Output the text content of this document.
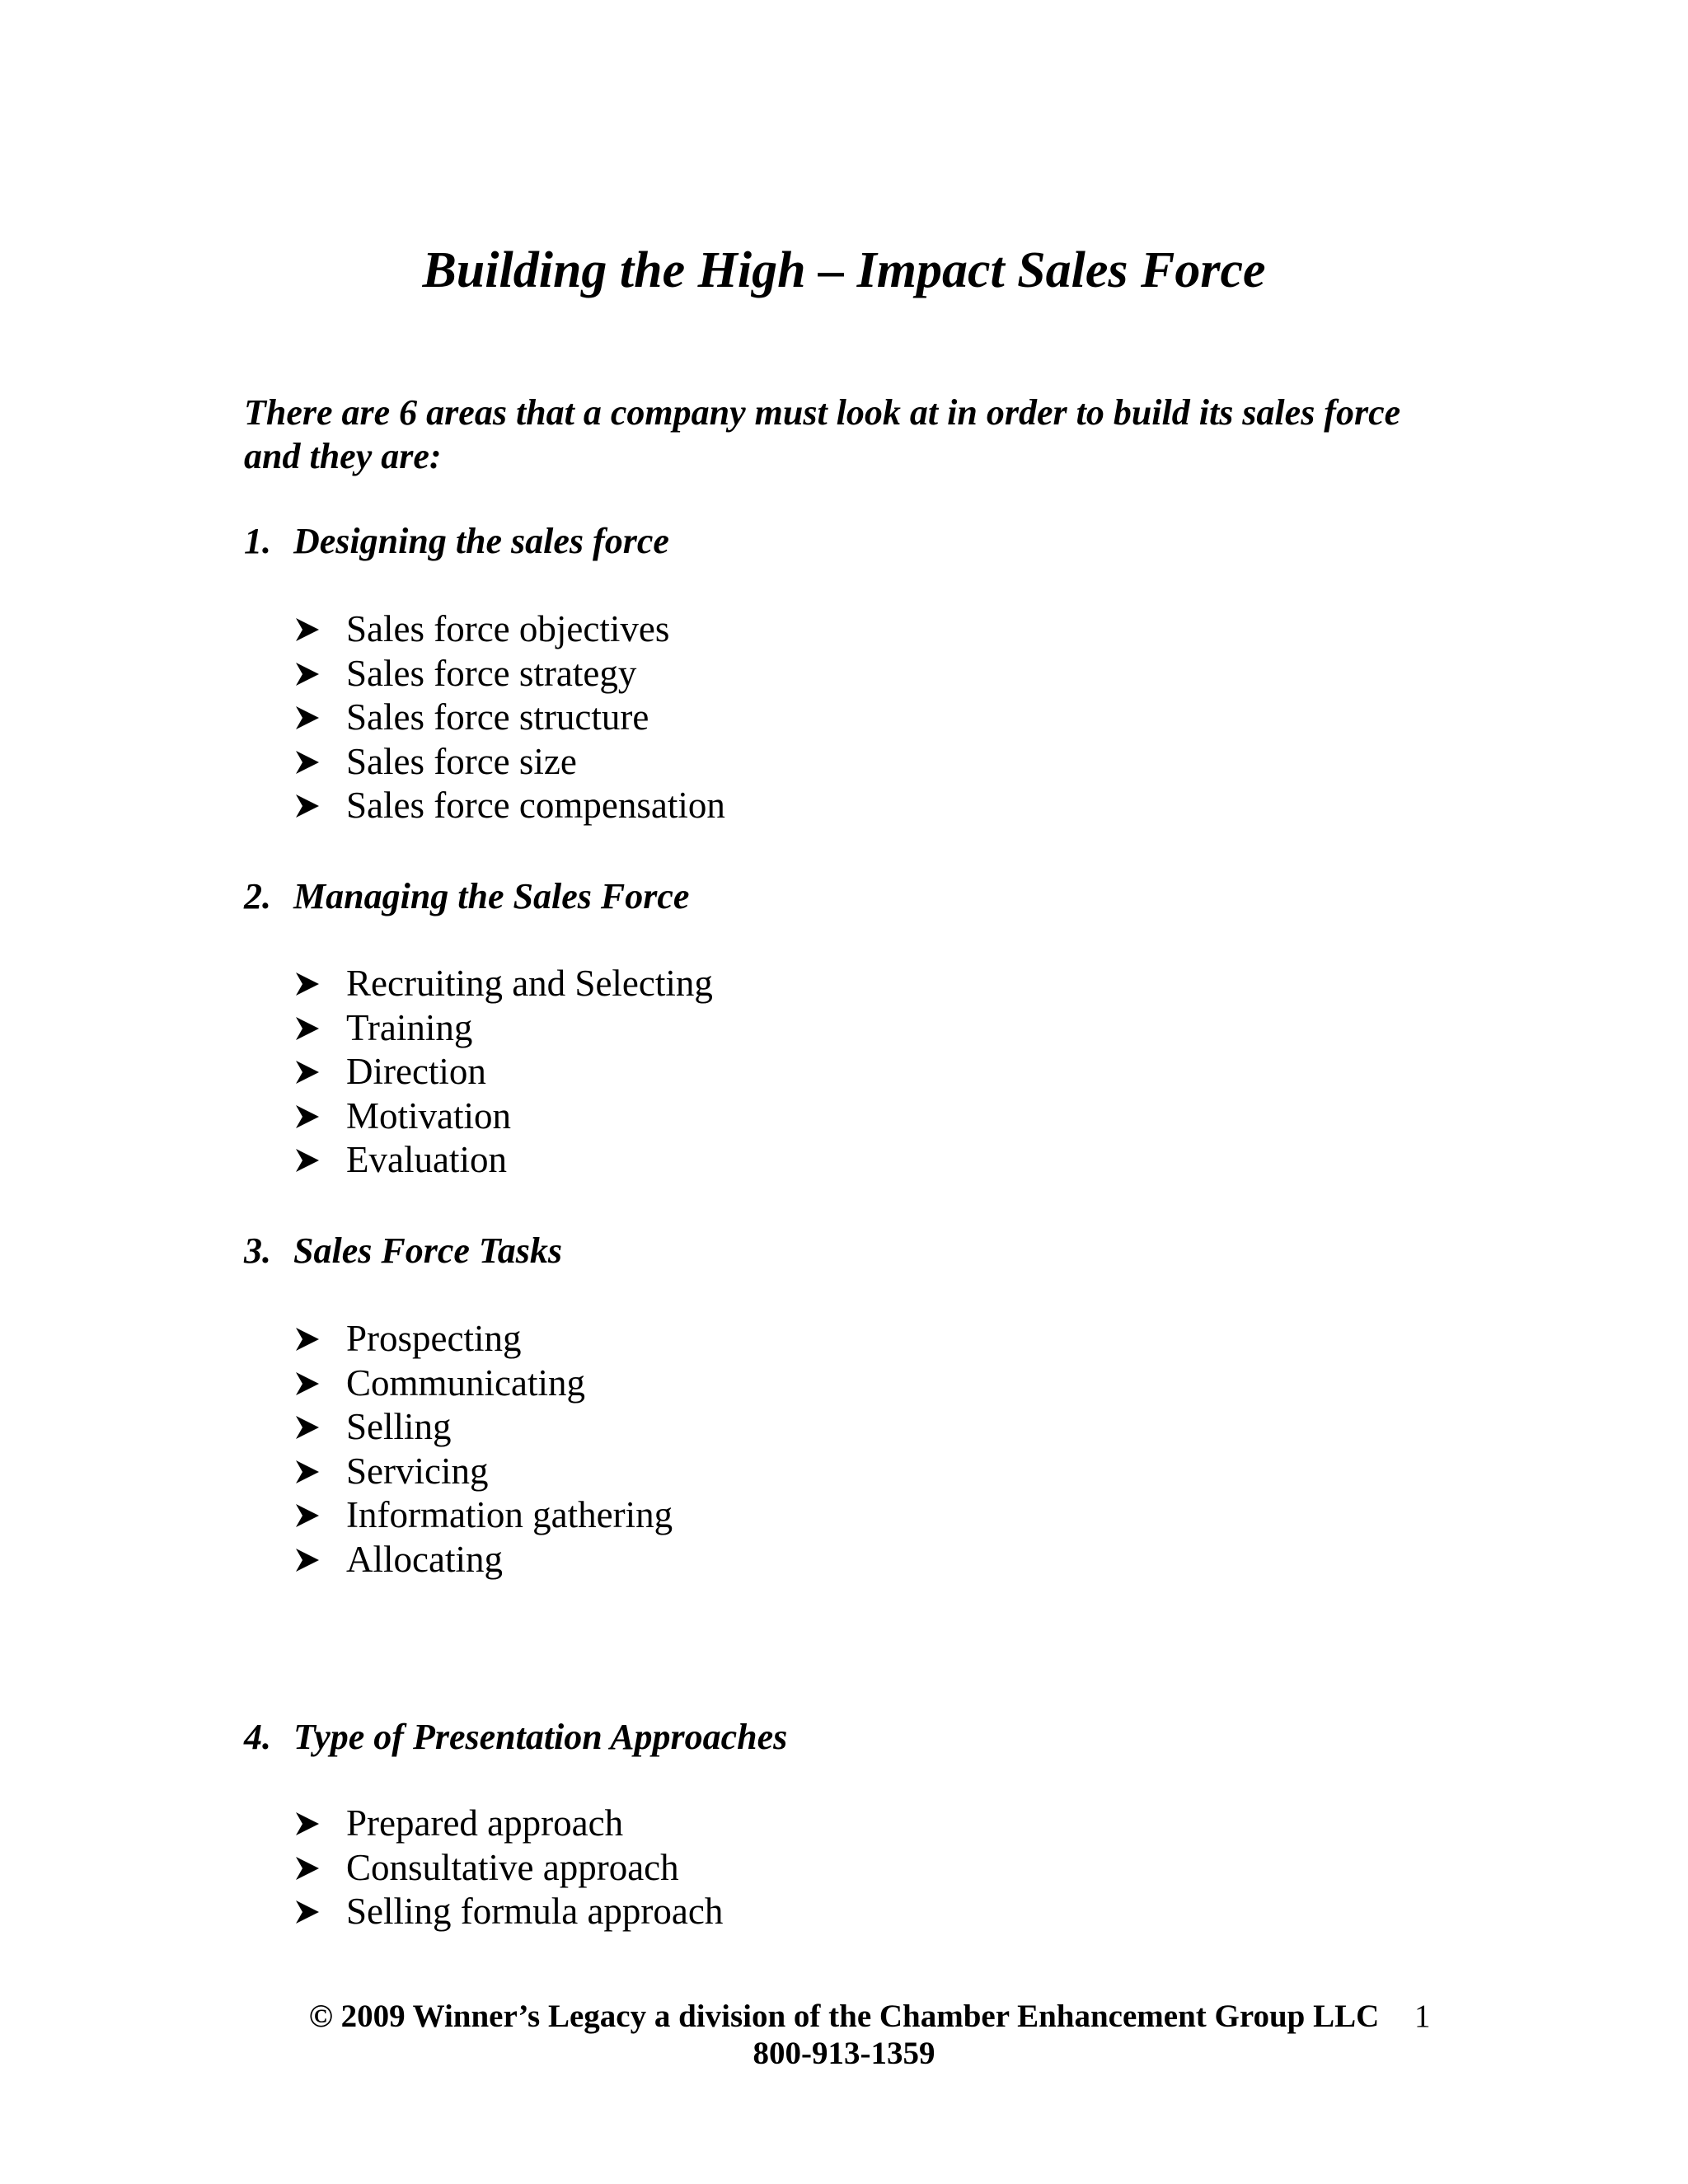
Building the High – Impact Sales Force

There are 6 areas that a company must look at in order to build its sales force and they are:

1. Designing the sales force
Sales force objectives
Sales force strategy
Sales force structure
Sales force size
Sales force compensation
2. Managing the Sales Force
Recruiting and Selecting
Training
Direction
Motivation
Evaluation
3. Sales Force Tasks
Prospecting
Communicating
Selling
Servicing
Information gathering
Allocating
4. Type of Presentation Approaches
Prepared approach
Consultative approach
Selling formula approach

© 2009 Winner’s Legacy a division of the Chamber Enhancement Group LLC

800-913-1359

1
